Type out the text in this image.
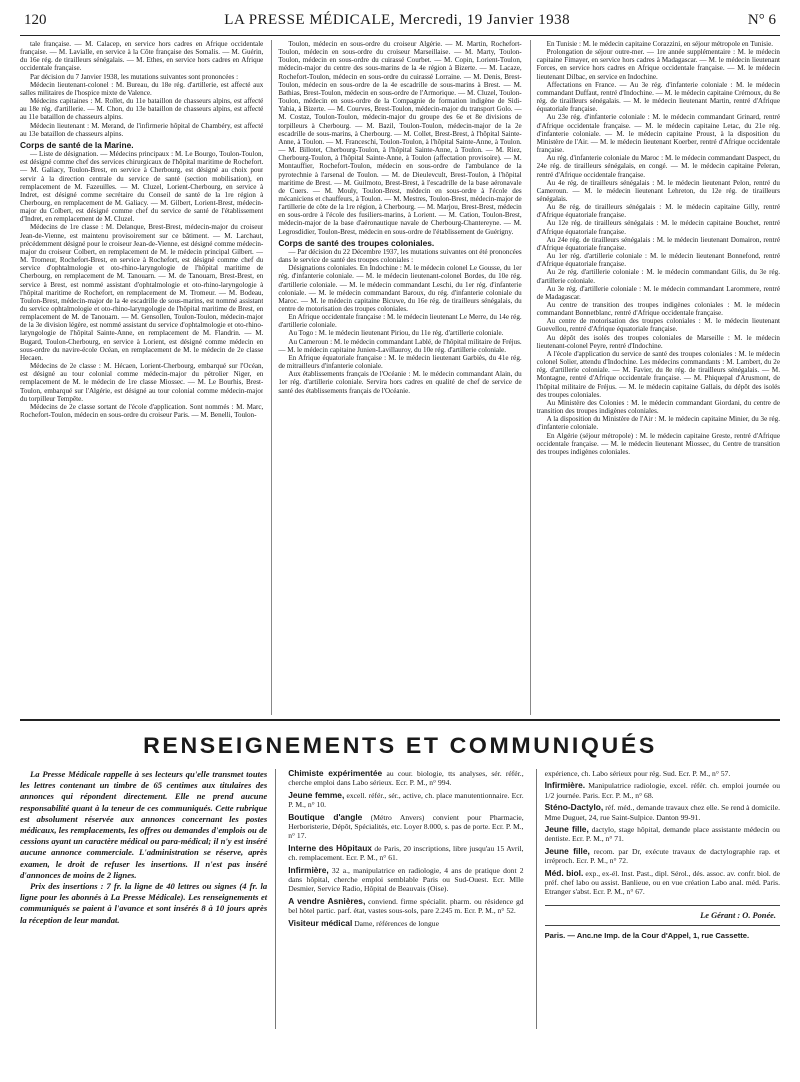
120	LA PRESSE MÉDICALE, Mercredi, 19 Janvier 1938	N° 6

tale française. — M. Calacep, en service hors cadres en Afrique occidentale française. — M. Lavialle, en service à la Côte française des Somalis. — M. Guérin, du 16e rég. de tirailleurs sénégalais. — M. Ethes, en service hors cadres en Afrique occidentale française.

Par décision du 7 Janvier 1938, les mutations suivantes sont prononcées :

Médecin lieutenant-colonel : M. Bureau, du 18e rég. d'artillerie, est affecté aux salles militaires de l'hospice mixte de Valence.

Médecins capitaines : M. Rollet, du 11e bataillon de chasseurs alpins, est affecté au 18e rég. d'artillerie. — M. Chon, du 13e bataillon de chasseurs alpins, est affecté au 11e bataillon de chasseurs alpins.

Médecin lieutenant : M. Merand, de l'infirmerie hôpital de Chambéry, est affecté au 13e bataillon de chasseurs alpins.

Corps de santé de la Marine.

— Liste de désignation. — Médecins principaux : M. Le Bourgo, Toulon-Toulon, est désigné comme chef des services chirurgicaux de l'hôpital maritime de Rochefort. — M. Galiacy, Toulon-Brest, en service à Cherbourg, est désigné au choix pour servir à la direction centrale du service de santé (section mobilisation), en remplacement de M. Fazeuilles. — M. Cluzel, Lorient-Cherbourg, en service à Indret, est désigné comme secrétaire du Conseil de santé de la 1re région à Cherbourg, en remplacement de M. Galiacy. — M. Gilbert, Lorient-Brest, médecin-major du Colbert, est désigné comme chef du service de santé de l'établissement d'Indret, en remplacement de M. Cluzel.

Médecins de 1re classe : M. Delanque, Brest-Brest, médecin-major du croiseur Jean-de-Vienne, est maintenu provisoirement sur ce bâtiment. — M. Larchaut, précédemment désigné pour le croiseur Jean-de-Vienne, est désigné comme médecin-major du croiseur Colbert, en remplacement de M. le médecin principal Gilbert. — M. Tromeur, Rochefort-Brest, en service à Rochefort, est désigné comme chef du service d'ophtalmologie et oto-rhino-laryngologie de l'hôpital maritime de Cherbourg, en remplacement de M. Tanouarn. — M. de Tanouarn, Brest-Brest, en service à Brest, est nommé assistant d'ophtalmologie et oto-rhino-laryngologie à l'hôpital maritime de Rochefort, en remplacement de M. Tromeur. — M. Bodeau, Toulon-Brest, médecin-major de la 4e escadrille de sous-marins, est nommé assistant du service ophtalmologie et oto-rhino-laryngologie de l'hôpital maritime de Brest, en remplacement de M. de Tanouarn. — M. Gensollen, Toulon-Toulon, médecin-major de la 3e division légère, est nommé assistant du service d'ophtalmologie et oto-rhino-laryngologie de l'hôpital Sainte-Anne, en remplacement de M. Flandrin. — M. Bugard, Toulon-Cherbourg, en service à Lorient, est désigné comme médecin en sous-ordre du navire-école Océan, en remplacement de M. le médecin de 2e classe Hecaen.

Médecins de 2e classe : M. Hécaen, Lorient-Cherbourg, embarqué sur l'Océan, est désigné au tour colonial comme médecin-major du pétrolier Niger, en remplacement de M. le médecin de 1re classe Miossec. — M. Le Bourhis, Brest-Toulon, embarqué sur l'Algérie, est désigné au tour colonial comme médecin-major du torpilleur Tempête.

Médecins de 2e classe sortant de l'école d'application. Sont nommés : M. Marc, Rochefort-Toulon, médecin en sous-ordre du croiseur Paris. — M. Benelli, Toulon-

Toulon, médecin en sous-ordre du croiseur Algérie. — M. Martin, Rochefort-Toulon, médecin en sous-ordre du croiseur Marseillaise. — M. Marty, Toulon-Toulon, médecin en sous-ordre du cuirassé Courbet. — M. Copin, Lorient-Toulon, médecin-major du centre des sous-marins de la 4e région à Bizerte. — M. Lacaze, Rochefort-Toulon, médecin en sous-ordre du cuirassé Lorraine. — M. Denis, Brest-Toulon, médecin en sous-ordre de la 4e escadrille de sous-marins à Brest. — M. Bathias, Brest-Toulon, médecin en sous-ordre de l'Armorique. — M. Cluzel, Toulon-Toulon, médecin en sous-ordre de la Compagnie de formation indigène de Sidi-Yahia, à Bizerte. — M. Courves, Brest-Toulon, médecin-major du transport Golo. — M. Costaz, Toulon-Toulon, médecin-major du groupe des 6e et 8e divisions de torpilleurs à Cherbourg. — M. Bazil, Toulon-Toulon, médecin-major de la 2e escadrille de sous-marins, à Cherbourg. — M. Collet, Brest-Brest, à l'hôpital Sainte-Anne, à Toulon. — M. Franceschi, Toulon-Toulon, à l'hôpital Sainte-Anne, à Toulon. — M. Billotet, Cherbourg-Toulon, à l'hôpital Sainte-Anne, à Toulon. — M. Riez, Cherbourg-Toulon, à l'hôpital Sainte-Anne, à Toulon (affectation provisoire). — M. Montauffier, Rochefort-Toulon, médecin en sous-ordre de l'ambulance de la pyrotechnie à l'arsenal de Toulon. — M. de Dieulevcult, Brest-Toulon, à l'hôpital maritime de Brest. — M. Guilmoto, Brest-Brest, à l'escadrille de la base aéronavale de Cuers. — M. Mouly, Toulon-Brest, médecin en sous-ordre à l'école des mécaniciens et chauffeurs, à Toulon. — M. Mestres, Toulon-Brest, médecin-major de l'artillerie de côte de la 1re région, à Cherbourg. — M. Marjou, Brest-Brest, médecin en sous-ordre à l'école des fusiliers-marins, à Lorient. — M. Cation, Toulon-Brest, médecin-major de la base d'aéronautique navale de Cherbourg-Chantereyne. — M. Legrosdidier, Toulon-Brest, médecin en sous-ordre de l'établissement de Guérigny.

Corps de santé des troupes coloniales.

— Par décision du 22 Décembre 1937, les mutations suivantes ont été prononcées dans le service de santé des troupes coloniales :

Désignations coloniales. En Indochine : M. le médecin colonel Le Gousse, du 1er rég. d'infanterie coloniale. — M. le médecin lieutenant-colonel Bordes, du 10e rég. d'artillerie coloniale. — M. le médecin commandant Leschi, du 1er rég. d'infanterie coloniale. — M. le médecin commandant Baroux, du rég. d'infanterie coloniale du Maroc. — M. le médecin capitaine Bicuwe, du 16e rég. de tirailleurs sénégalais, du centre de motorisation des troupes coloniales.

En Afrique occidentale française : M. le médecin lieutenant Le Merre, du 14e rég. d'artillerie coloniale.

Au Togo : M. le médecin lieutenant Piriou, du 11e rég. d'artillerie coloniale.

Au Cameroun : M. le médecin commandant Lablé, de l'hôpital militaire de Fréjus. — M. le médecin capitaine Junien-Lavillauroy, du 10e rég. d'artillerie coloniale.

En Afrique équatoriale française : M. le médecin lieutenant Garbiès, du 41e rég. de mitrailleurs d'infanterie coloniale.

Aux établissements français de l'Océanie : M. le médecin commandant Alain, du 1er rég. d'artillerie coloniale. Servira hors cadres en qualité de chef de service de santé des établissements français de l'Océanie.

En Tunisie : M. le médecin capitaine Corazzini, en séjour métropole en Tunisie.

Prolongation de séjour outre-mer. — 1re année supplémentaire : M. le médecin capitaine Fimayer, en service hors cadres à Madagascar. — M. le médecin lieutenant Forces, en service hors cadres en Afrique occidentale française. — M. le médecin lieutenant Dilbac, en service en Indochine.

Affectations en France. — Au 3e rég. d'infanterie coloniale : M. le médecin commandant Duffaut, rentré d'Indochine. — M. le médecin capitaine Crémoux, du 8e rég. de tirailleurs sénégalais. — M. le médecin lieutenant Martin, rentré d'Afrique équatoriale française.

Au 23e rég. d'infanterie coloniale : M. le médecin commandant Grinard, rentré d'Afrique occidentale française. — M. le médecin capitaine Letac, du 21e rég. d'infanterie coloniale. — M. le médecin capitaine Proust, à la disposition du Ministère de l'Air. — M. le médecin lieutenant Koerber, rentré d'Afrique occidentale française.

Au rég. d'infanterie coloniale du Maroc : M. le médecin commandant Daspect, du 24e rég. de tirailleurs sénégalais, en congé. — M. le médecin capitaine Peleran, rentré d'Afrique occidentale française.

Au 4e rég. de tirailleurs sénégalais : M. le médecin lieutenant Pelon, rentré du Cameroun. — M. le médecin lieutenant Lehreton, du 12e rég. de tirailleurs sénégalais.

Au 8e rég. de tirailleurs sénégalais : M. le médecin capitaine Gilly, rentré d'Afrique équatoriale française.

Au 12e rég. de tirailleurs sénégalais : M. le médecin capitaine Bouchet, rentré d'Afrique équatoriale française.

Au 24e rég. de tirailleurs sénégalais : M. le médecin lieutenant Domairon, rentré d'Afrique équatoriale française.

Au 1er rég. d'artillerie coloniale : M. le médecin lieutenant Bonnefond, rentré d'Afrique équatoriale française.

Au 2e rég. d'artillerie coloniale : M. le médecin commandant Gilis, du 3e rég. d'artillerie coloniale.

Au 3e rég. d'artillerie coloniale : M. le médecin commandant Larommere, rentré de Madagascar.

Au centre de transition des troupes indigènes coloniales : M. le médecin commandant Bonnetblanc, rentré d'Afrique occidentale française.

Au centre de motorisation des troupes coloniales : M. le médecin lieutenant Guevellou, rentré d'Afrique équatoriale française.

Au dépôt des isolés des troupes coloniales de Marseille : M. le médecin lieutenant-colonel Peyre, rentré d'Indochine.

A l'école d'application du service de santé des troupes coloniales : M. le médecin colonel Solier, attendu d'Indochine. Les médecins commandants : M. Lambert, du 2e rég. d'artillerie coloniale. — M. Favier, du 8e rég. de tirailleurs sénégalais. — M. Montagne, rentré d'Afrique occidentale française. — M. Phiquepal d'Arusmont, de l'hôpital militaire de Fréjus. — M. le médecin capitaine Gallais, du dépôt des isolés des troupes coloniales.

Au Ministère des Colonies : M. le médecin commandant Giordani, du centre de transition des troupes indigènes coloniales.

A la disposition du Ministère de l'Air : M. le médecin capitaine Minier, du 3e rég. d'infanterie coloniale.

En Algérie (séjour métropole) : M. le médecin capitaine Greste, rentré d'Afrique occidentale française. — M. le médecin lieutenant Miossec, du Centre de transition des troupes indigènes coloniales.

RENSEIGNEMENTS ET COMMUNIQUÉS

La Presse Médicale rappelle à ses lecteurs qu'elle transmet toutes les lettres contenant un timbre de 65 centimes aux titulaires des annonces qui répondent directement. Elle ne prend aucune responsabilité quant à la teneur de ces communiqués. Cette rubrique est absolument réservée aux annonces concernant les postes médicaux, les remplacements, les offres ou demandes d'emplois ou de cessions ayant un caractère médical ou para-médical; il n'y est inséré aucune annonce commerciale. L'administration se réserve, après examen, le droit de refuser les insertions. Il n'est pas inséré d'annonces de moins de 2 lignes.

Prix des insertions : 7 fr. la ligne de 40 lettres ou signes (4 fr. la ligne pour les abonnés à La Presse Médicale). Les renseignements et communiqués se paient à l'avance et sont insérés 8 à 10 jours après la réception de leur mandat.

Chimiste expérimentée au cour. biologie, tts analyses, sér. référ., cherche emploi dans Labo sérieux. Ecr. P. M., n° 994.
Jeune femme, excell. référ., sér., active, ch. place manutentionnaire. Ecr. P. M., n° 10.
Boutique d'angle (Métro Anvers) convient pour Pharmacie, Herboristerie, Dépôt, Spécialités, etc. Loyer 8.000, s. pas de porte. Ecr. P. M., n° 17.
Interne des Hôpitaux de Paris, 20 inscriptions, libre jusqu'au 15 Avril, ch. remplacement. Ecr. P. M., n° 61.
Infirmière, 32 a., manipulatrice en radiologie, 4 ans de pratique dont 2 dans hôpital, cherche emploi semblable Paris ou Sud-Ouest. Ecr. Mlle Desmier, Service Radio, Hôpital de Beauvais (Oise).
A vendre Asnières, conviend. firme spécialit. pharm. ou résidence gd bel hôtel partic. parf. état, vastes sous-sols, pare 2.245 m. Ecr. P. M., n° 52.
Visiteur médical Dame, références de longue
expérience, ch. Labo sérieux pour rég. Sud. Ecr. P. M., n° 57.
Infirmière. Manipulatrice radiologie, excel. référ. ch. emploi journée ou 1/2 journée. Paris. Ecr. P. M., n° 68.
Sténo-Dactylo, réf. méd., demande travaux chez elle. Se rend à domicile. Mme Duguet, 24, rue Saint-Sulpice. Danton 99-91.
Jeune fille, dactylo, stage hôpital, demande place assistante médecin ou dentiste. Ecr. P. M., n° 71.
Jeune fille, recom. par Dr, exécute travaux de dactylographie rap. et irréproch. Ecr. P. M., n° 72.
Méd. biol. exp., ex-él. Inst. Past., dipl. Sérol., dés. assoc. av. confr. biol. de préf. chef labo ou assist. Banlieue, ou en vue création Labo anal. méd. Paris. Etranger s'abst. Ecr. P. M., n° 67.
Le Gérant : O. Ponée.
Paris. — Anc.ne Imp. de la Cour d'Appel, 1, rue Cassette.
